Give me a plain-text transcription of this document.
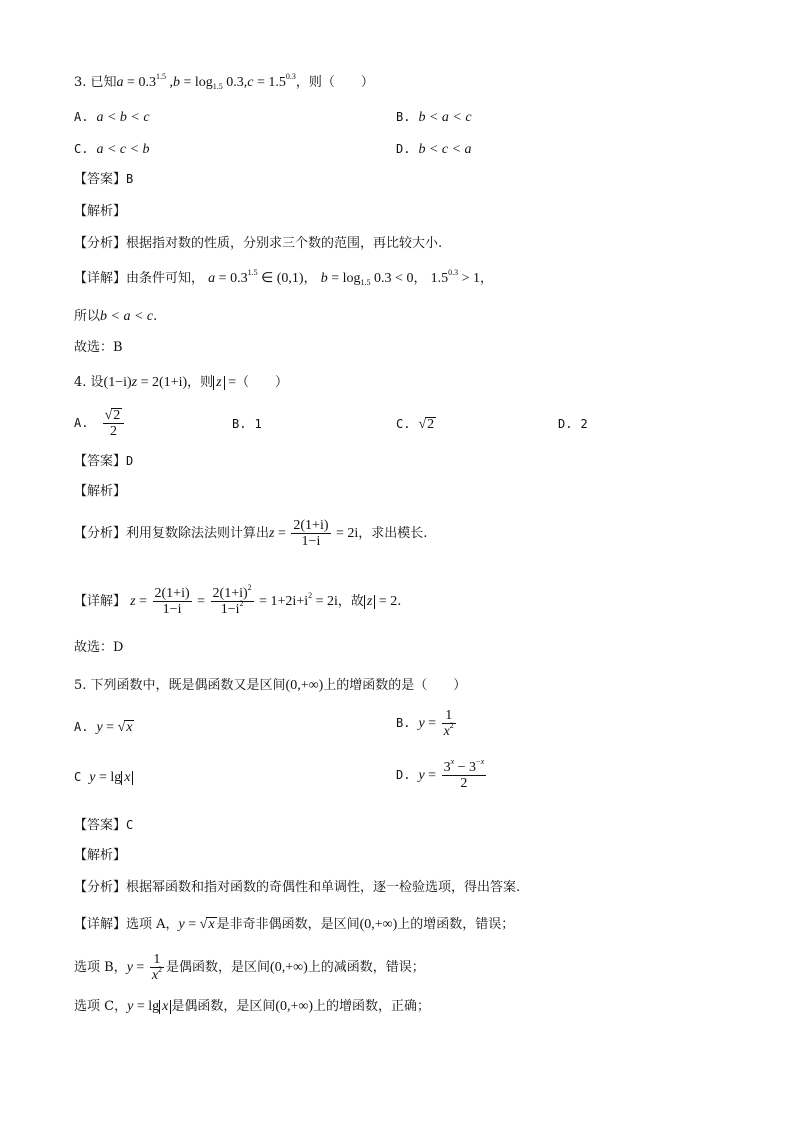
3. 已知$a = 0.3^{1.5}$ $,b = \log_{1.5} 0.3,c = 1.5^{0.3}$，则（　　）
A. a < b < c	B. b < a < c
C. a < c < b	D. b < c < a
【答案】B
【解析】
【分析】根据指对数的性质，分别求三个数的范围，再比较大小.
【详解】由条件可知， $a = 0.3^{1.5}$ ∈ (0,1)， $b = \log_{1.5} 0.3 < 0$， $1.5^{0.3} > 1$，
所以b < a < c.
故选：B
4. 设(1−i)z = 2(1+i)，则 z =（　　）
A. $\frac{√2}{2}$	B. 1	C. √2	D. 2
【答案】D
【解析】
【分析】利用复数除法法则计算出$z = \frac{2(1+i)}{1-i} = 2i$，求出模长.
【详解】 $z = \frac{2(1+i)}{1-i} = \frac{2(1+i)^2}{1-i^2} = 1+2i+i^2 = 2i$，故 z = 2.
故选：D
5. 下列函数中，既是偶函数又是区间(0,+∞)上的增函数的是（　　）
A. y = √x	B. $y = \frac{1}{x^2}$
C y = lg x	D. $y = \frac{3^x - 3^{-x}}{2}$
【答案】C
【解析】
【分析】根据幂函数和指对函数的奇偶性和单调性，逐一检验选项，得出答案.
【详解】选项 A，y = √x 是非奇非偶函数，是区间(0,+∞)上的增函数，错误；
选项 B，$y = \frac{1}{x^2}$ 是偶函数，是区间(0,+∞)上的减函数，错误；
选项 C，y = lg x 是偶函数，是区间(0,+∞)上的增函数，正确；
